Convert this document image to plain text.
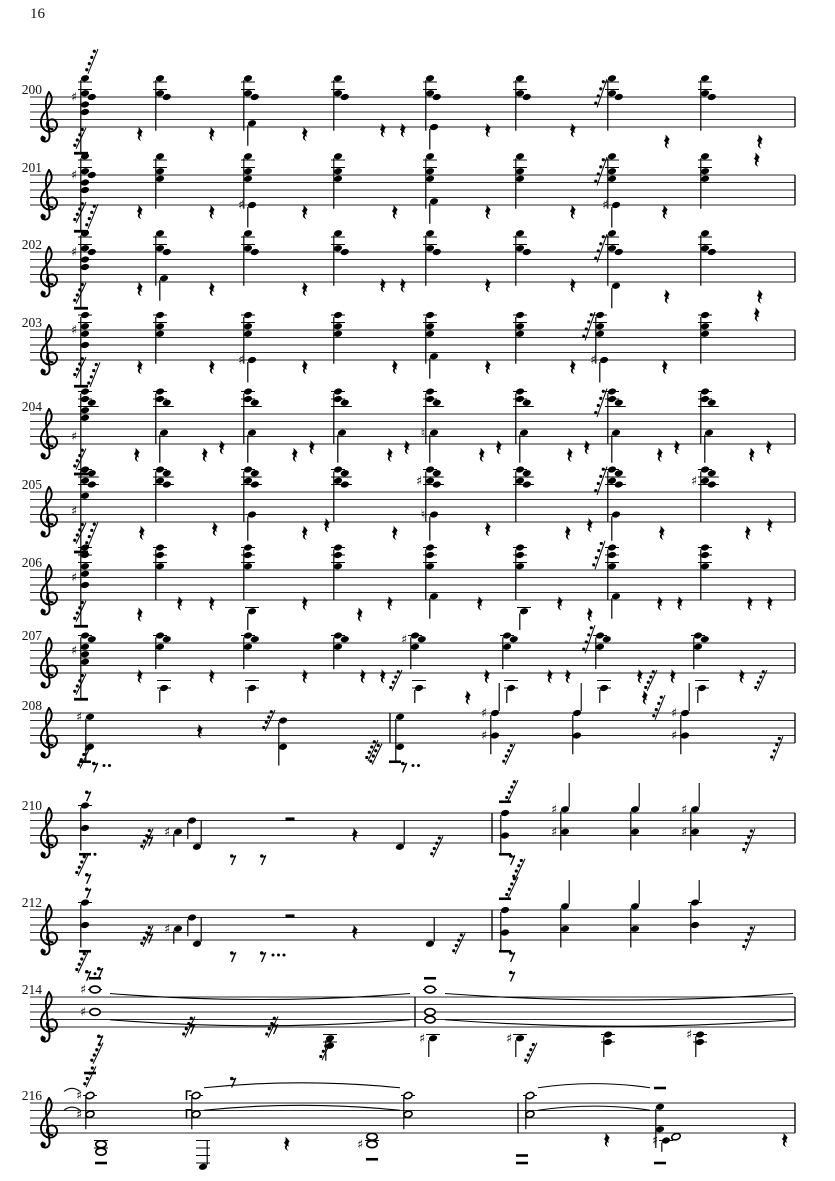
16
200 ♯
201 ♯
♯	♯
202 ♯
203 ♯
♯	♯
204
♯	♮
205
♯
♯
♮
♯
206
♯
207
♯
♯
208
♯	♯
♯
♯
♯
210
♯
♯
♯
♯
♯
212
♯
214	♯
♯
♯	♯	♯
216	♯
♯
♯	♯
